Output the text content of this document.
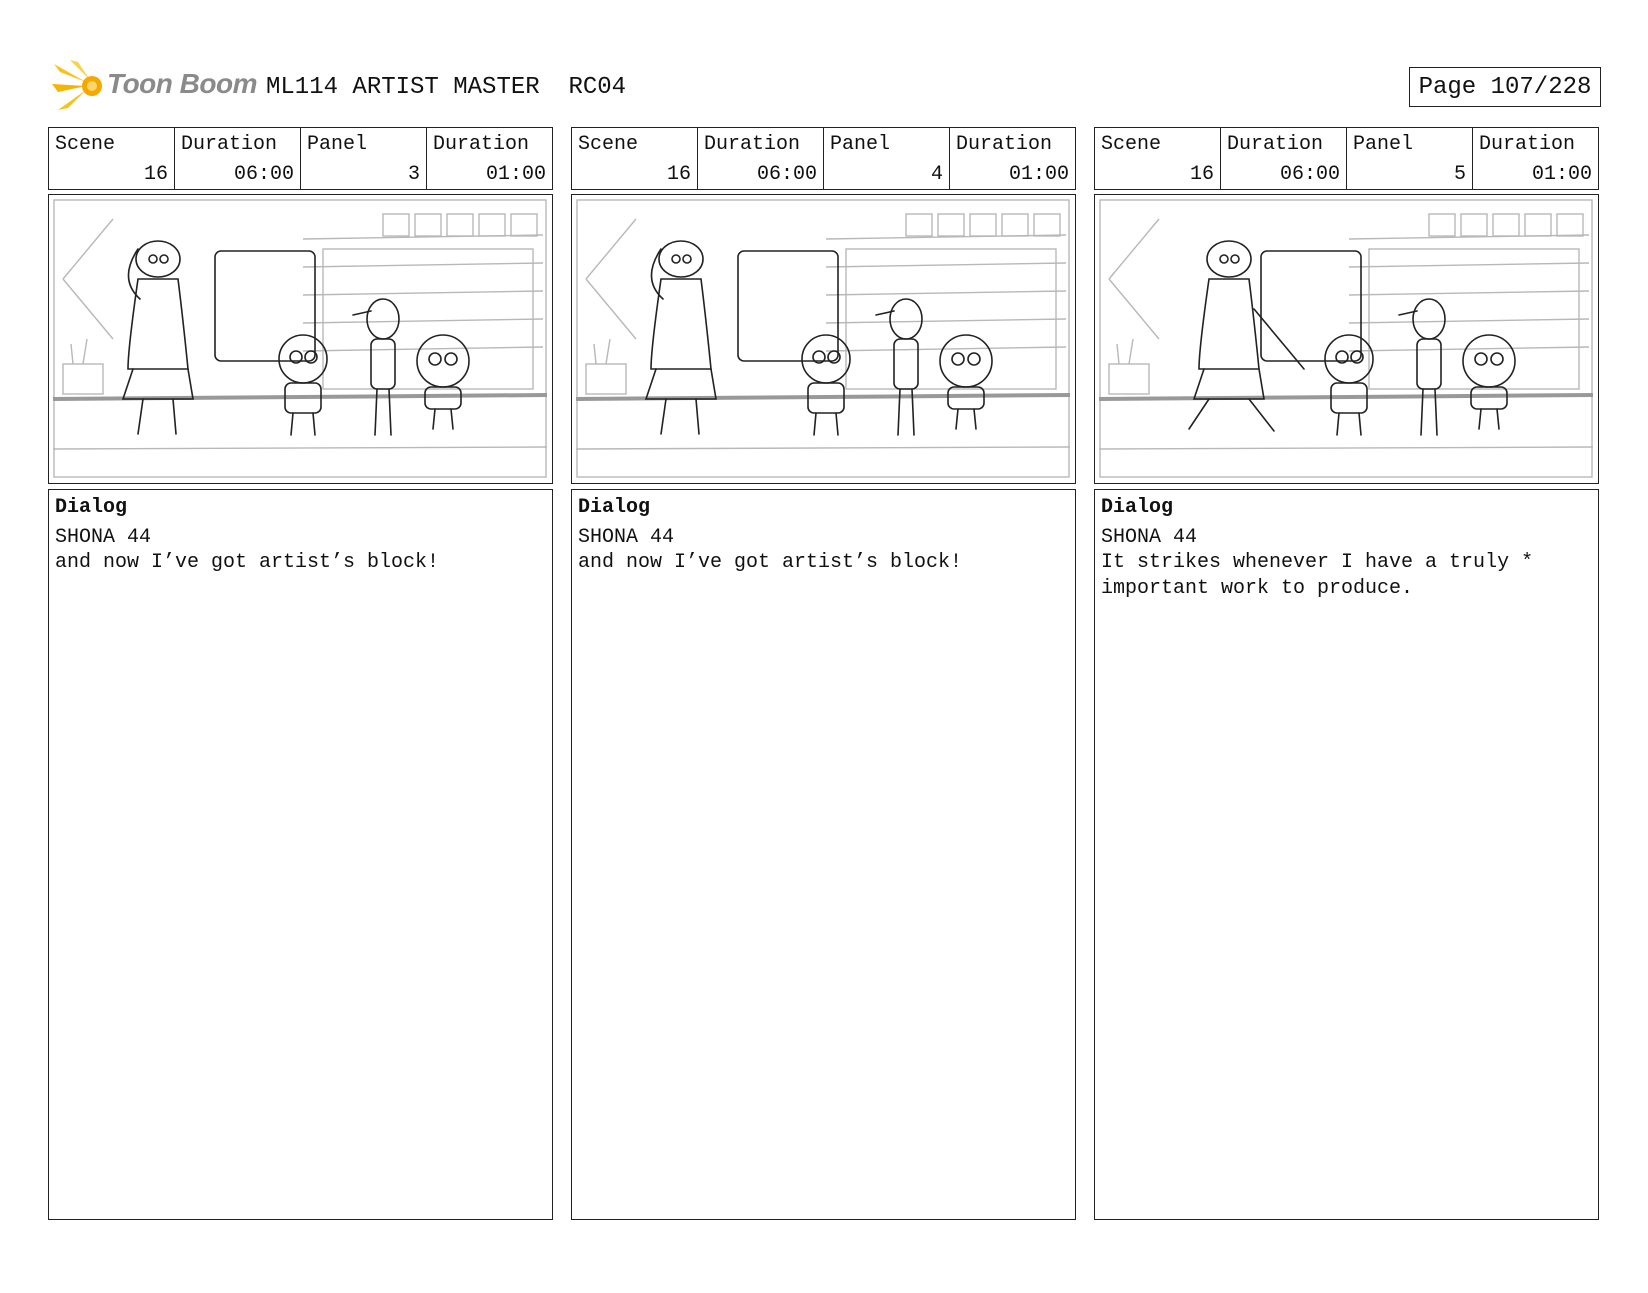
Toon Boom ML114 ARTIST MASTER  RC04	Page 107/228
Scene
16
Duration
06:00
Panel
3
Duration
01:00
Dialog
SHONA 44
and now I’ve got artist’s block!
Scene
16
Duration
06:00
Panel
4
Duration
01:00
Dialog
SHONA 44
and now I’ve got artist’s block!
Scene
16
Duration
06:00
Panel
5
Duration
01:00
Dialog
SHONA 44
It strikes whenever I have a truly *
important work to produce.
